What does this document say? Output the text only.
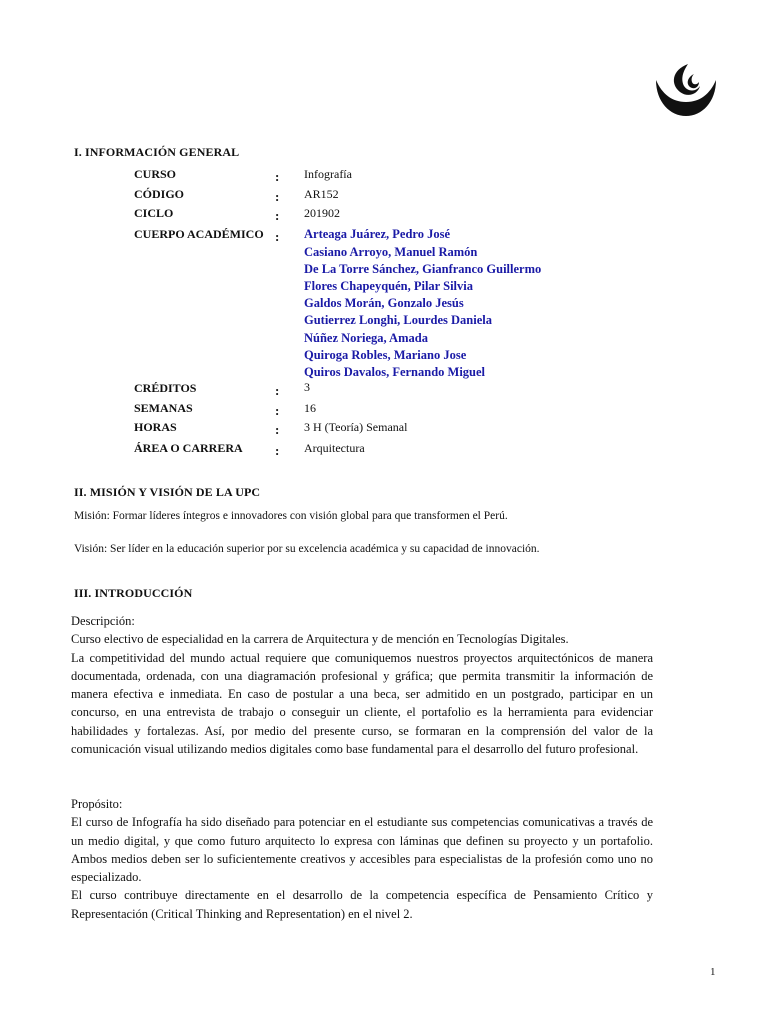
I. INFORMACIÓN GENERAL
CURSO	: Infografía
CÓDIGO	: AR152
CICLO	: 201902
CUERPO ACADÉMICO : Arteaga Juárez, Pedro José
Casiano Arroyo, Manuel Ramón
De La Torre Sánchez, Gianfranco Guillermo
Flores Chapeyquén, Pilar Silvia
Galdos Morán, Gonzalo Jesús
Gutierrez Longhi, Lourdes Daniela
Núñez Noriega, Amada
Quiroga Robles, Mariano Jose
Quiros Davalos, Fernando Miguel
CRÉDITOS	: 3
SEMANAS	: 16
HORAS	: 3 H (Teoría) Semanal
ÁREA O CARRERA : Arquitectura
II. MISIÓN Y VISIÓN DE LA UPC
Misión: Formar líderes íntegros e innovadores con visión global para que transformen el Perú.
Visión: Ser líder en la educación superior por su excelencia académica y su capacidad de innovación.
III. INTRODUCCIÓN

Descripción:

Curso electivo de especialidad en la carrera de Arquitectura y de mención en Tecnologías Digitales.

La competitividad del mundo actual requiere que comuniquemos nuestros proyectos arquitectónicos de manera documentada, ordenada, con una diagramación profesional y gráfica; que permita transmitir la información de manera efectiva e inmediata. En caso de postular a una beca, ser admitido en un postgrado, participar en un concurso, en una entrevista de trabajo o conseguir un cliente, el portafolio es la herramienta para evidenciar habilidades y fortalezas. Así, por medio del presente curso, se formaran en la comprensión del valor de la comunicación visual utilizando medios digitales como base fundamental para el desarrollo del futuro profesional.

Propósito:

El curso de Infografía ha sido diseñado para potenciar en el estudiante sus competencias comunicativas a través de un medio digital, y que como futuro arquitecto lo expresa con láminas que definen su proyecto y un portafolio. Ambos medios deben ser lo suficientemente creativos y accesibles para especialistas de la profesión como uno no especializado.

El curso contribuye directamente en el desarrollo de la competencia específica de Pensamiento Crítico y Representación (Critical Thinking and Representation) en el nivel 2.

1
